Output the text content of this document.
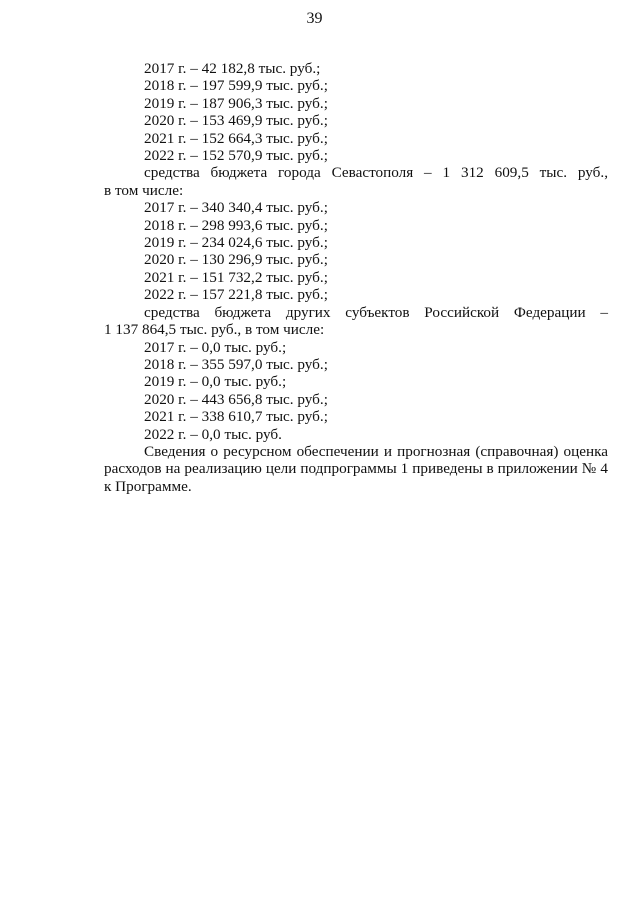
39
2017 г. – 42 182,8 тыс. руб.;
2018 г. – 197 599,9 тыс. руб.;
2019 г. – 187 906,3 тыс. руб.;
2020 г. – 153 469,9 тыс. руб.;
2021 г. – 152 664,3 тыс. руб.;
2022 г. – 152 570,9 тыс. руб.;
средства бюджета города Севастополя – 1 312 609,5 тыс. руб.,
в том числе:
2017 г. – 340 340,4 тыс. руб.;
2018 г. – 298 993,6 тыс. руб.;
2019 г. – 234 024,6 тыс. руб.;
2020 г. – 130 296,9 тыс. руб.;
2021 г. – 151 732,2 тыс. руб.;
2022 г. – 157 221,8 тыс. руб.;
средства бюджета других субъектов Российской Федерации –
1 137 864,5 тыс. руб., в том числе:
2017 г. – 0,0 тыс. руб.;
2018 г. – 355 597,0 тыс. руб.;
2019 г. – 0,0 тыс. руб.;
2020 г. – 443 656,8 тыс. руб.;
2021 г. – 338 610,7 тыс. руб.;
2022 г. – 0,0 тыс. руб.
Сведения о ресурсном обеспечении и прогнозная (справочная) оценка расходов на реализацию цели подпрограммы 1 приведены в приложении № 4 к Программе.
